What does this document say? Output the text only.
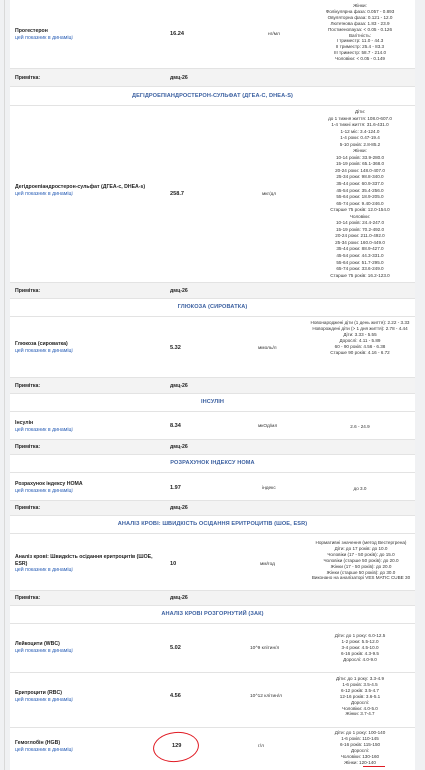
Прогестерон
цей показник в динаміці
16.24	нг/мл
Жінки:
Фолікулярна фаза: 0.057 - 0.893
Овуляторна фаза: 0.121 - 12.0
Лютеїнова фаза: 1.83 - 23.9
Постменопауза: < 0.05 - 0.126
Вагітність:
I триместр: 11.0 - 44.3
II триместр: 25.4 - 83.3
III триместр: 58.7 - 214.0
Чоловіки: < 0.05 - 0.149
Примітка:	дмц-26
ДЕГІДРОЕПІАНДРОСТЕРОН-СУЛЬФАТ (ДГЕА-С, DHEA-S)
Дегідроепіандростерон-сульфат (ДГЕА-с, DHEA-s)
цей показник в динаміці	258.7	мкг/дл
Діти:
до 1 тижня життя: 108.0-607.0
1-4 тижні життя: 31.6-431.0
1-12 міс: 3.4-124.0
1-4 роки: 0.47-19.4
5-10 років: 2.8-85.2
Жінки:
10-14 років: 33.9-280.0
15-19 років: 65.1-368.0
20-24 роки: 148.0-407.0
25-34 роки: 98.8-340.0
35-44 роки: 60.9-337.0
45-54 роки: 35.4-256.0
55-64 роки: 18.9-205.0
65-74 роки: 9.40-246.0
Старше 75 років: 12.0-154.0
Чоловіки:
10-14 років: 24.4-247.0
15-19 років: 70.2-492.0
20-24 роки: 211.0-492.0
25-34 роки: 160.0-449.0
35-44 роки: 88.9-427.0
45-54 роки: 44.3-331.0
55-64 роки: 51.7-295.0
65-74 роки: 33.6-249.0
Старше 75 років: 16.2-123.0
Примітка:	дмц-26
ГЛЮКОЗА (СИРОВАТКА)
Глюкоза (сироватка)
цей показник в динаміці	5.32	ммоль/л
Новонароджені діти (1 день життя): 2.22 - 3.33
Новорождені діти (> 1 дня життя): 2.78 - 4.44
Діти: 3.33 - 5.55
Дорослі: 4.11 - 5.89
60 - 90 років: 4.56 - 6.38
Старше 90 років: 4.16 - 6.72
Примітка:	дмц-26
ІНСУЛІН
Інсулін
цей показник в динаміці
8.34	мкОд/мл	2.6 - 24.9
Примітка:	дмц-26
РОЗРАХУНОК ІНДЕКСУ HOMA
Розрахунок індексу HOMA
цей показник в динаміці	1.97	індекс	до 3.0
Примітка:	дмц-26
АНАЛІЗ КРОВІ: ШВИДКІСТЬ ОСІДАННЯ ЕРИТРОЦИТІВ (ШОЕ, ESR)
Аналіз крові: Швидкість осідання еритроцитів (ШОЕ, ESR)
цей показник в динаміці
10	мм/год
Нормативні значення (метод Вестергрена)
Діти: до 17 років: до 10.0
Чоловіки (17 - 50 років): до 15.0
Чоловіки (старше 50 років): до 20.0
Жінки (17 - 50 років): до 20.0
Жінки (старше 50 років): до 30.0
Виконано на аналізаторі VES MATIC CUBE 30
Примітка:	дмц-26
АНАЛІЗ КРОВІ РОЗГОРНУТИЙ (ЗАК)
Лейкоцити (WBC)
цей показник в динаміці	5.02	10^9 клітин/л
Діти: до 1 року: 6.0-12.5
1-2 роки: 5.5-12.0
3-4 роки: 4.5-10.0
6-16 років: 4.3-9.5
Дорослі: 4.0-9.0
Еритроцити (RBC)
цей показник в динаміці
4.56	10^12 клітин/л
Діти: до 1 року: 3.3-4.9
1-6 років: 3.5-4.5
6-12 років: 3.5-4.7
12-16 років: 3.6-5.1
Дорослі:
Чоловіки: 4.0-5.0
Жінки: 3.7-4.7
Гемоглобін (HGB)
цей показник в динаміці
129	г/л
Діти: до 1 року: 100-140
1-6 років: 110-145
6-16 років: 115-150
Дорослі:
Чоловіки: 130-160
Жінки: 120-140
